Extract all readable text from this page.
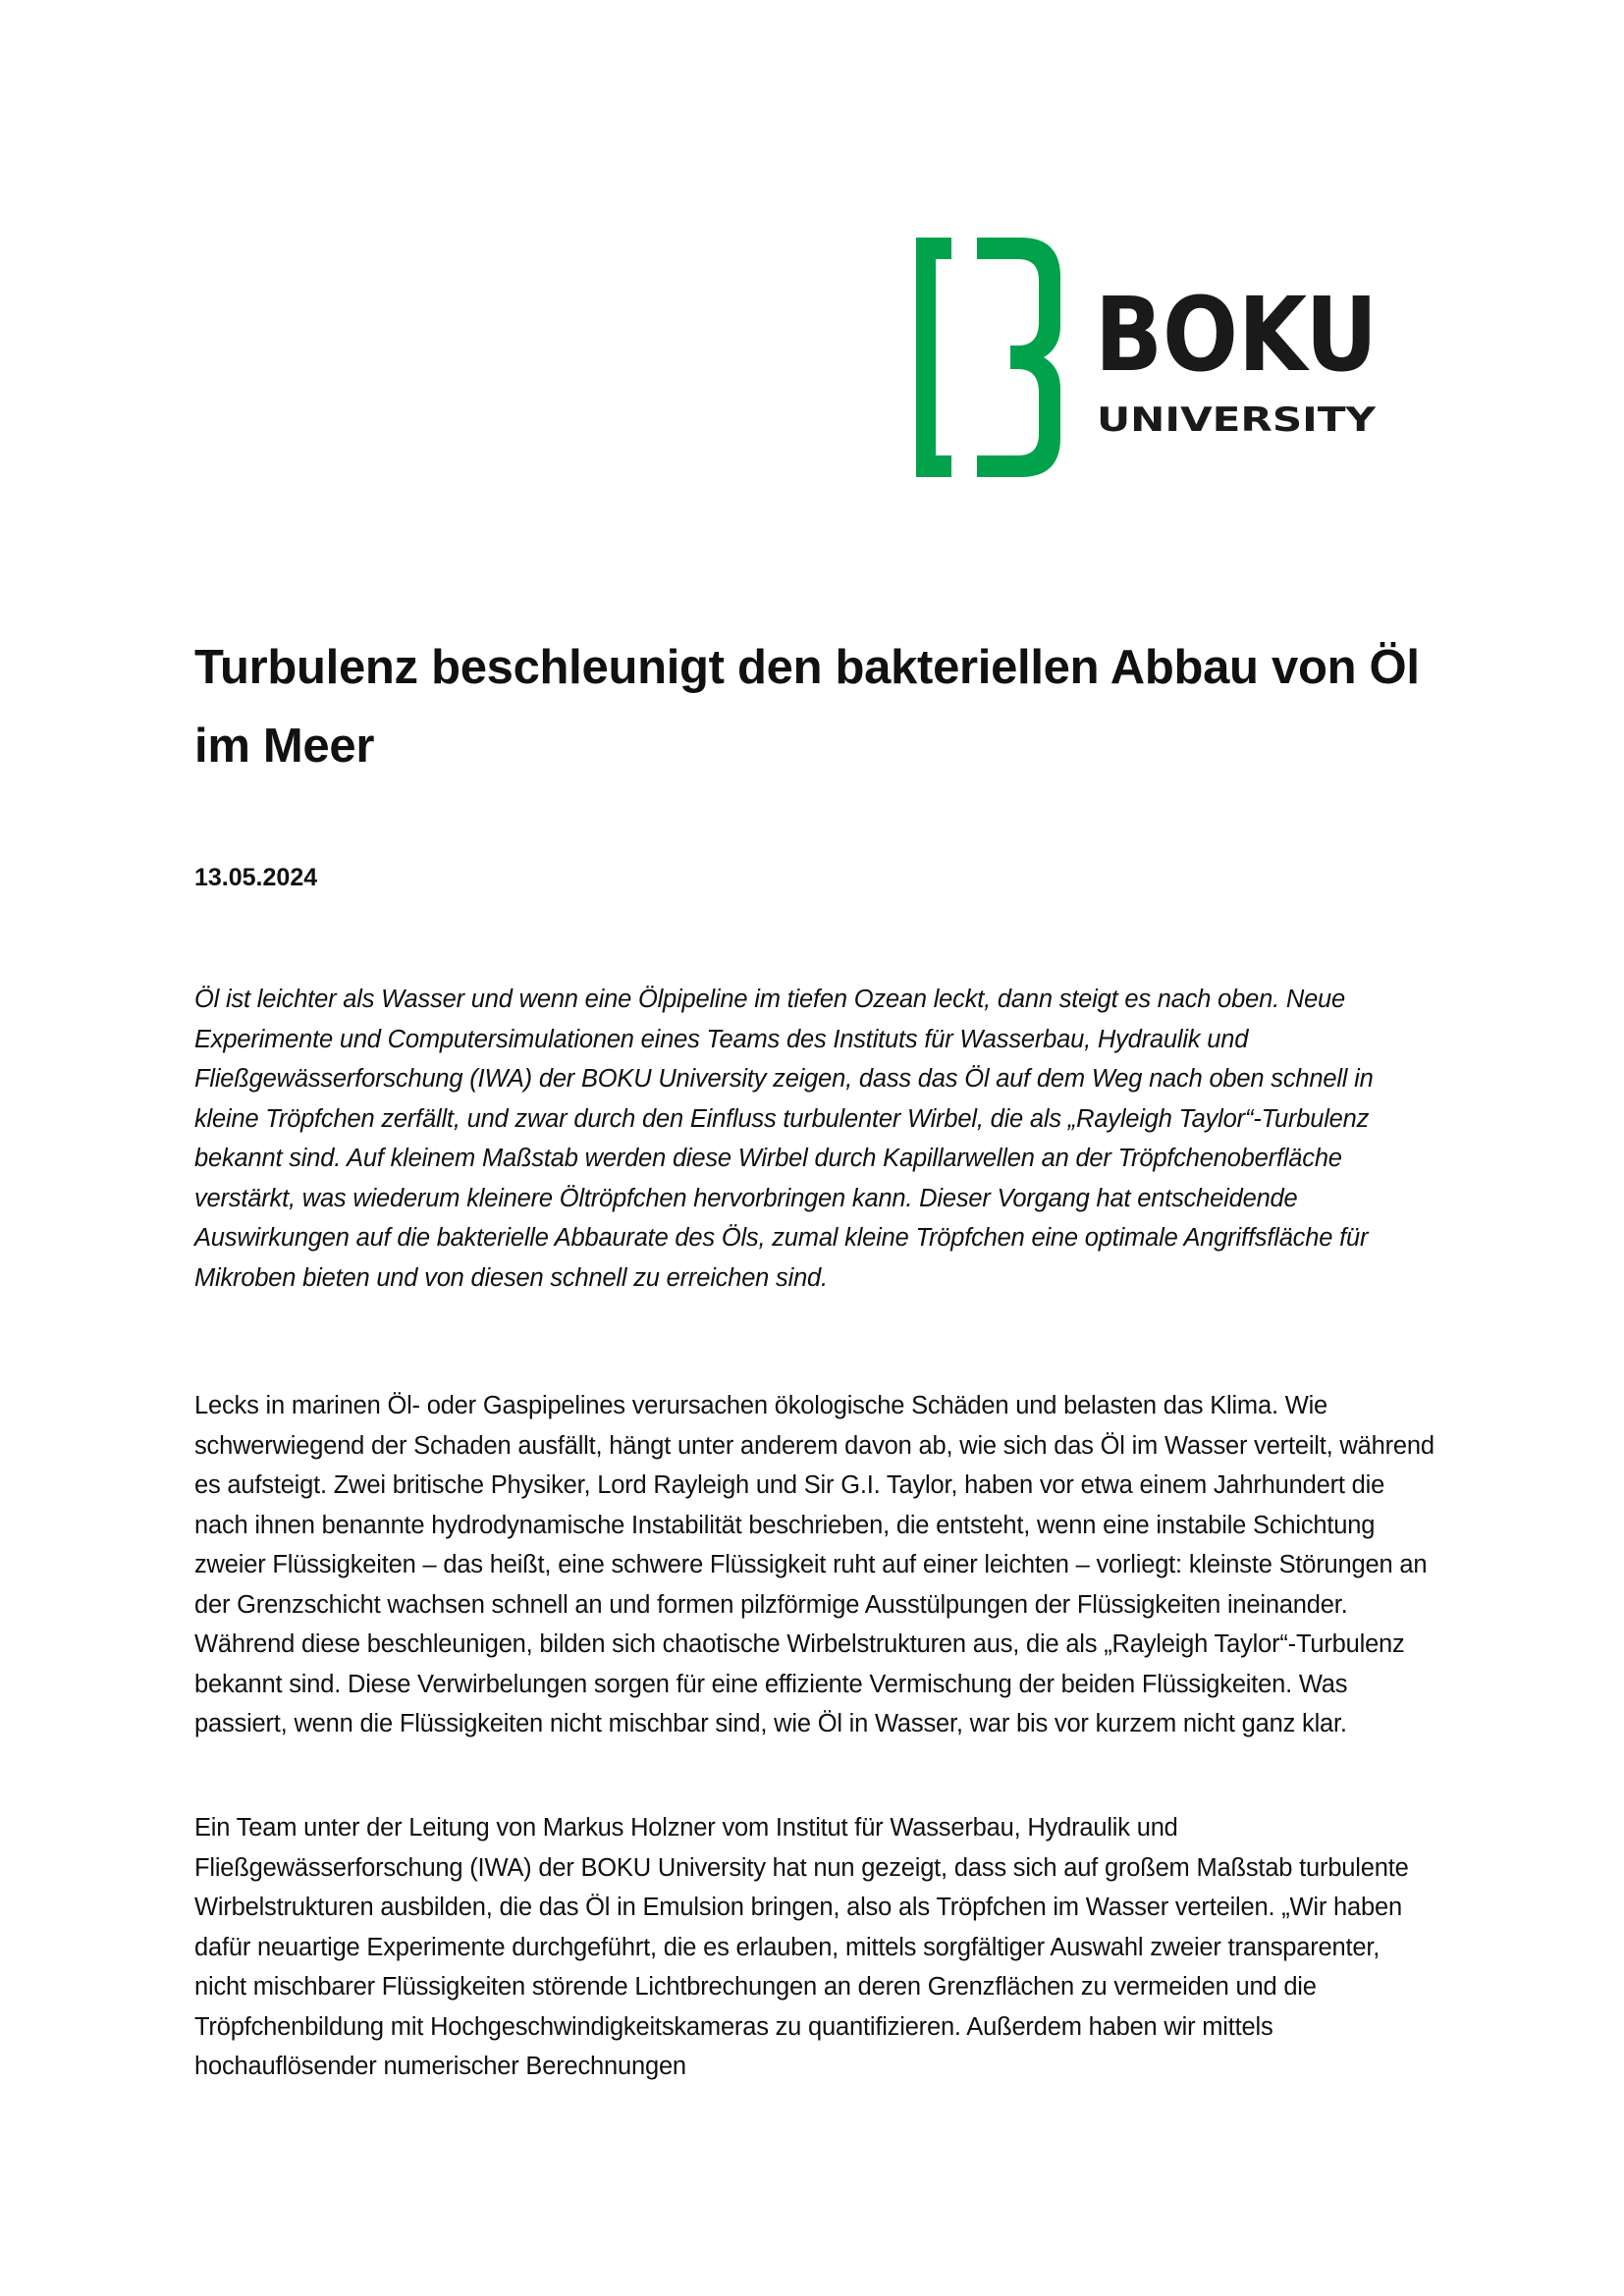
BOKU
UNIVERSITY
Turbulenz beschleunigt den bakteriellen Abbau von Öl im Meer

13.05.2024

Öl ist leichter als Wasser und wenn eine Ölpipeline im tiefen Ozean leckt, dann steigt es nach oben. Neue Experimente und Computersimulationen eines Teams des Instituts für Wasserbau, Hydraulik und Fließgewässerforschung (IWA) der BOKU University zeigen, dass das Öl auf dem Weg nach oben schnell in kleine Tröpfchen zerfällt, und zwar durch den Einfluss turbulenter Wirbel, die als „Rayleigh Taylor“-Turbulenz bekannt sind. Auf kleinem Maßstab werden diese Wirbel durch Kapillarwellen an der Tröpfchenoberfläche verstärkt, was wiederum kleinere Öltröpfchen hervorbringen kann. Dieser Vorgang hat entscheidende Auswirkungen auf die bakterielle Abbaurate des Öls, zumal kleine Tröpfchen eine optimale Angriffsfläche für Mikroben bieten und von diesen schnell zu erreichen sind.

Lecks in marinen Öl- oder Gaspipelines verursachen ökologische Schäden und belasten das Klima. Wie schwerwiegend der Schaden ausfällt, hängt unter anderem davon ab, wie sich das Öl im Wasser verteilt, während es aufsteigt. Zwei britische Physiker, Lord Rayleigh und Sir G.I. Taylor, haben vor etwa einem Jahrhundert die nach ihnen benannte hydrodynamische Instabilität beschrieben, die entsteht, wenn eine instabile Schichtung zweier Flüssigkeiten – das heißt, eine schwere Flüssigkeit ruht auf einer leichten – vorliegt: kleinste Störungen an der Grenzschicht wachsen schnell an und formen pilzförmige Ausstülpungen der Flüssigkeiten ineinander. Während diese beschleunigen, bilden sich chaotische Wirbelstrukturen aus, die als „Rayleigh Taylor“-Turbulenz bekannt sind. Diese Verwirbelungen sorgen für eine effiziente Vermischung der beiden Flüssigkeiten. Was passiert, wenn die Flüssigkeiten nicht mischbar sind, wie Öl in Wasser, war bis vor kurzem nicht ganz klar.

Ein Team unter der Leitung von Markus Holzner vom Institut für Wasserbau, Hydraulik und Fließgewässerforschung (IWA) der BOKU University hat nun gezeigt, dass sich auf großem Maßstab turbulente Wirbelstrukturen ausbilden, die das Öl in Emulsion bringen, also als Tröpfchen im Wasser verteilen. „Wir haben dafür neuartige Experimente durchgeführt, die es erlauben, mittels sorgfältiger Auswahl zweier transparenter, nicht mischbarer Flüssigkeiten störende Lichtbrechungen an deren Grenzflächen zu vermeiden und die Tröpfchenbildung mit Hochgeschwindigkeitskameras zu quantifizieren. Außerdem haben wir mittels hochauflösender numerischer Berechnungen
